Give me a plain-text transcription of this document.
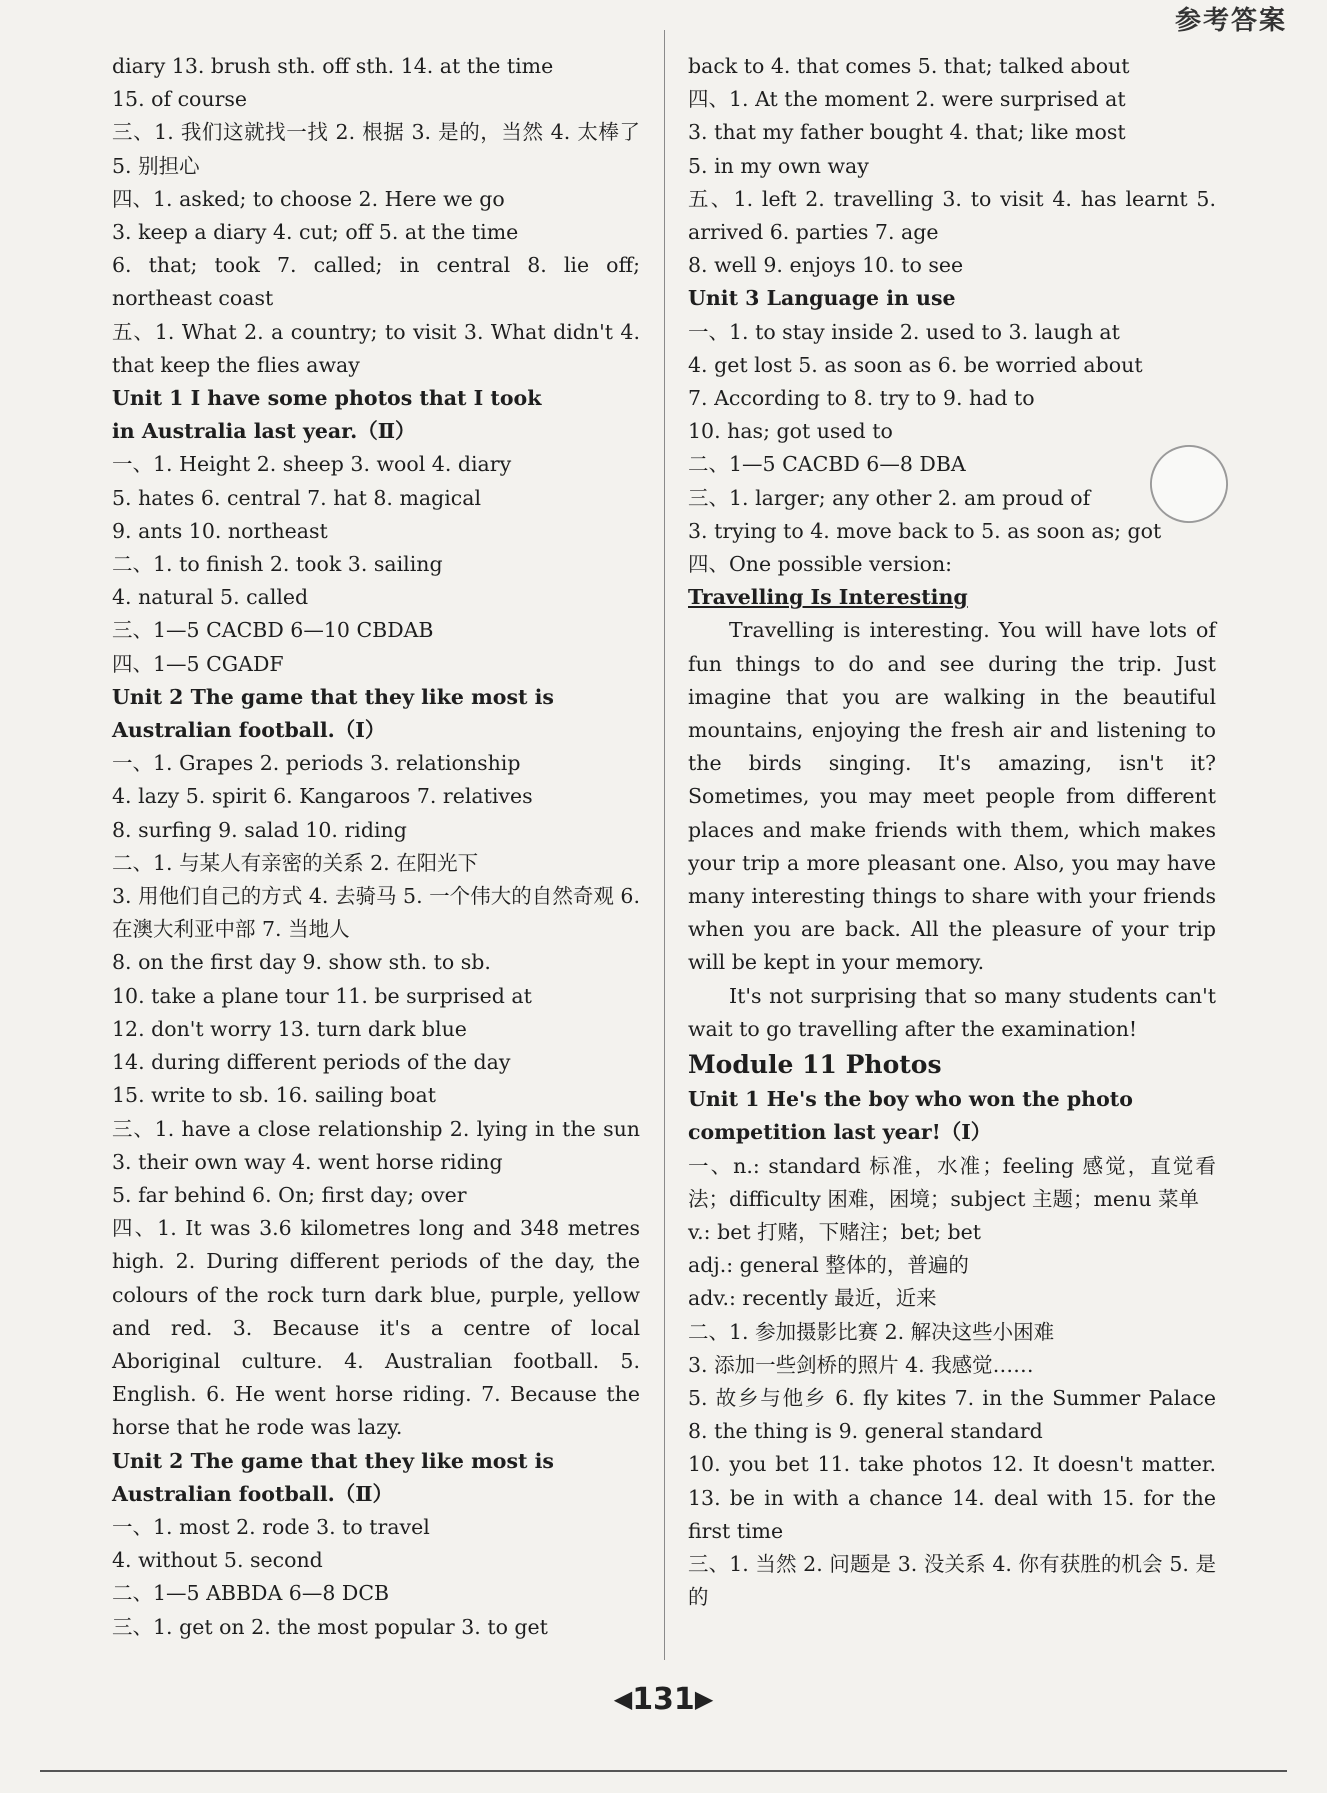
参考答案

diary 13. brush sth. off sth. 14. at the time

15. of course

三、1. 我们这就找一找 2. 根据 3. 是的，当然 4. 太棒了 5. 别担心

四、1. asked; to choose 2. Here we go

3. keep a diary 4. cut; off 5. at the time

6. that; took 7. called; in central 8. lie off; northeast coast

五、1. What 2. a country; to visit 3. What didn't 4. that keep the flies away

Unit 1 I have some photos that I took

in Australia last year.（Ⅱ）

一、1. Height 2. sheep 3. wool 4. diary

5. hates 6. central 7. hat 8. magical

9. ants 10. northeast

二、1. to finish 2. took 3. sailing

4. natural 5. called

三、1—5 CACBD 6—10 CBDAB

四、1—5 CGADF

Unit 2 The game that they like most is

Australian football.（Ⅰ）

一、1. Grapes 2. periods 3. relationship

4. lazy 5. spirit 6. Kangaroos 7. relatives

8. surfing 9. salad 10. riding

二、1. 与某人有亲密的关系 2. 在阳光下

3. 用他们自己的方式 4. 去骑马 5. 一个伟大的自然奇观 6. 在澳大利亚中部 7. 当地人

8. on the first day 9. show sth. to sb.

10. take a plane tour 11. be surprised at

12. don't worry 13. turn dark blue

14. during different periods of the day

15. write to sb. 16. sailing boat

三、1. have a close relationship 2. lying in the sun 3. their own way 4. went horse riding

5. far behind 6. On; first day; over

四、1. It was 3.6 kilometres long and 348 metres high. 2. During different periods of the day, the colours of the rock turn dark blue, purple, yellow and red. 3. Because it's a centre of local Aboriginal culture. 4. Australian football. 5. English. 6. He went horse riding. 7. Because the horse that he rode was lazy.

Unit 2 The game that they like most is

Australian football.（Ⅱ）

一、1. most 2. rode 3. to travel

4. without 5. second

二、1—5 ABBDA 6—8 DCB

三、1. get on 2. the most popular 3. to get

back to 4. that comes 5. that; talked about

四、1. At the moment 2. were surprised at

3. that my father bought 4. that; like most

5. in my own way

五、1. left 2. travelling 3. to visit 4. has learnt 5. arrived 6. parties 7. age

8. well 9. enjoys 10. to see

Unit 3 Language in use

一、1. to stay inside 2. used to 3. laugh at

4. get lost 5. as soon as 6. be worried about

7. According to 8. try to 9. had to

10. has; got used to

二、1—5 CACBD 6—8 DBA

三、1. larger; any other 2. am proud of

3. trying to 4. move back to 5. as soon as; got

四、One possible version:

Travelling Is Interesting

Travelling is interesting. You will have lots of fun things to do and see during the trip. Just imagine that you are walking in the beautiful mountains, enjoying the fresh air and listening to the birds singing. It's amazing, isn't it? Sometimes, you may meet people from different places and make friends with them, which makes your trip a more pleasant one. Also, you may have many interesting things to share with your friends when you are back. All the pleasure of your trip will be kept in your memory.

It's not surprising that so many students can't wait to go travelling after the examination!

Module 11 Photos

Unit 1 He's the boy who won the photo

competition last year!（Ⅰ）

一、n.: standard 标准，水准；feeling 感觉，直觉看法；difficulty 困难，困境；subject 主题；menu 菜单

v.: bet 打赌，下赌注；bet; bet

adj.: general 整体的，普遍的

adv.: recently 最近，近来

二、1. 参加摄影比赛 2. 解决这些小困难

3. 添加一些剑桥的照片 4. 我感觉……

5. 故乡与他乡 6. fly kites 7. in the Summer Palace 8. the thing is 9. general standard

10. you bet 11. take photos 12. It doesn't matter. 13. be in with a chance 14. deal with 15. for the first time

三、1. 当然 2. 问题是 3. 没关系 4. 你有获胜的机会 5. 是的

◀131▶
